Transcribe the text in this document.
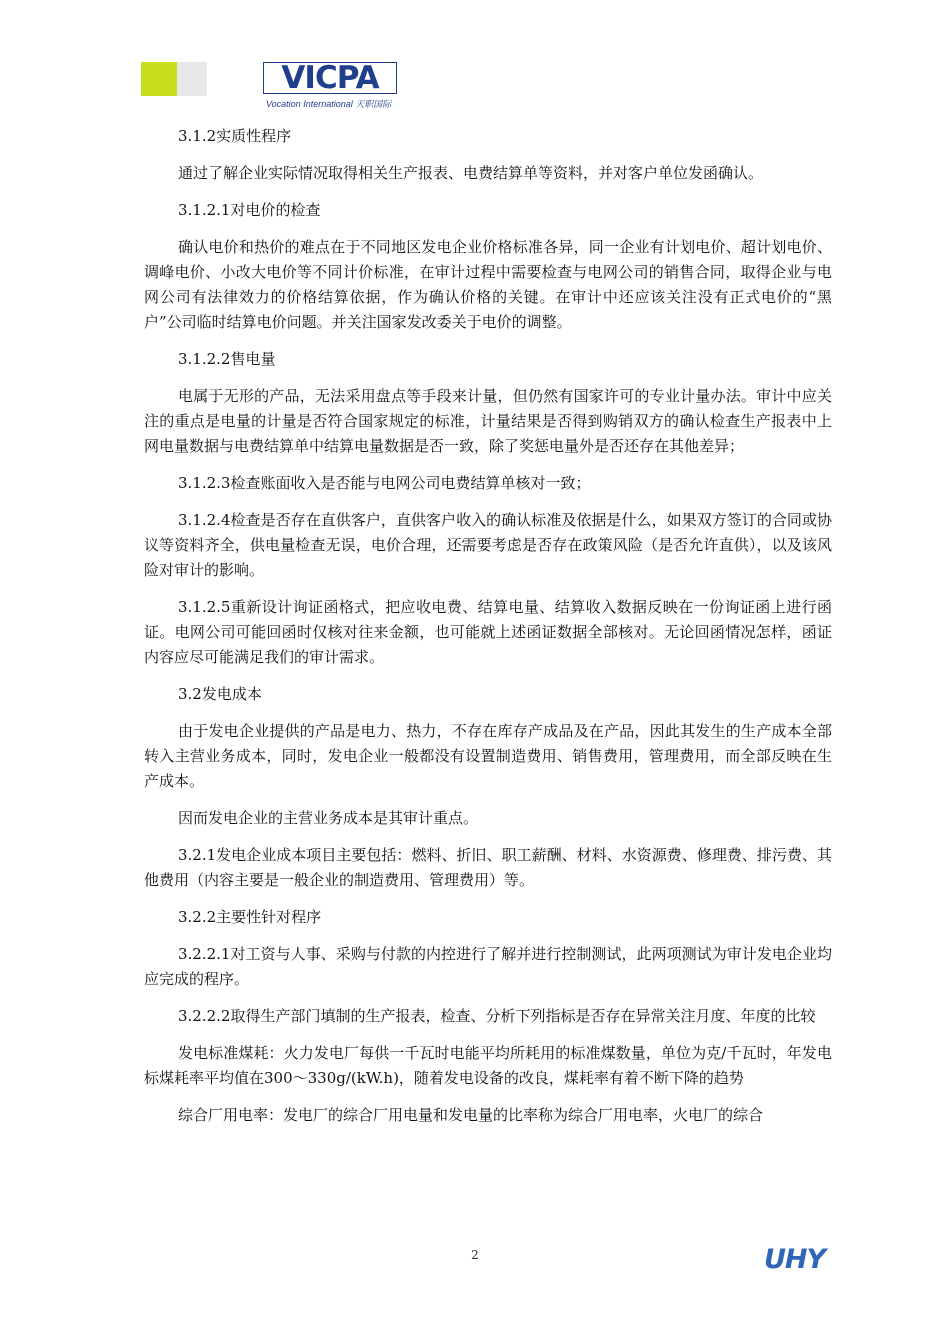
VICPA
Vocation International 天职国际

3.1.2实质性程序

通过了解企业实际情况取得相关生产报表、电费结算单等资料，并对客户单位发函确认。

3.1.2.1对电价的检查

确认电价和热价的难点在于不同地区发电企业价格标准各异，同一企业有计划电价、超计划电价、调峰电价、小改大电价等不同计价标准，在审计过程中需要检查与电网公司的销售合同，取得企业与电网公司有法律效力的价格结算依据，作为确认价格的关键。在审计中还应该关注没有正式电价的“黑户”公司临时结算电价问题。并关注国家发改委关于电价的调整。

3.1.2.2售电量

电属于无形的产品，无法采用盘点等手段来计量，但仍然有国家许可的专业计量办法。审计中应关注的重点是电量的计量是否符合国家规定的标准，计量结果是否得到购销双方的确认检查生产报表中上网电量数据与电费结算单中结算电量数据是否一致，除了奖惩电量外是否还存在其他差异；

3.1.2.3检查账面收入是否能与电网公司电费结算单核对一致；

3.1.2.4检查是否存在直供客户，直供客户收入的确认标准及依据是什么，如果双方签订的合同或协议等资料齐全，供电量检查无误，电价合理，还需要考虑是否存在政策风险（是否允许直供），以及该风险对审计的影响。

3.1.2.5重新设计询证函格式，把应收电费、结算电量、结算收入数据反映在一份询证函上进行函证。电网公司可能回函时仅核对往来金额，也可能就上述函证数据全部核对。无论回函情况怎样，函证内容应尽可能满足我们的审计需求。

3.2发电成本

由于发电企业提供的产品是电力、热力，不存在库存产成品及在产品，因此其发生的生产成本全部转入主营业务成本，同时，发电企业一般都没有设置制造费用、销售费用，管理费用，而全部反映在生产成本。

因而发电企业的主营业务成本是其审计重点。

3.2.1发电企业成本项目主要包括：燃料、折旧、职工薪酬、材料、水资源费、修理费、排污费、其他费用（内容主要是一般企业的制造费用、管理费用）等。

3.2.2主要性针对程序

3.2.2.1对工资与人事、采购与付款的内控进行了解并进行控制测试，此两项测试为审计发电企业均应完成的程序。

3.2.2.2取得生产部门填制的生产报表，检查、分析下列指标是否存在异常关注月度、年度的比较

发电标准煤耗：火力发电厂每供一千瓦时电能平均所耗用的标准煤数量，单位为克/千瓦时，年发电标煤耗率平均值在300～330g/(kW.h)，随着发电设备的改良，煤耗率有着不断下降的趋势

综合厂用电率：发电厂的综合厂用电量和发电量的比率称为综合厂用电率，火电厂的综合

2	UHY
